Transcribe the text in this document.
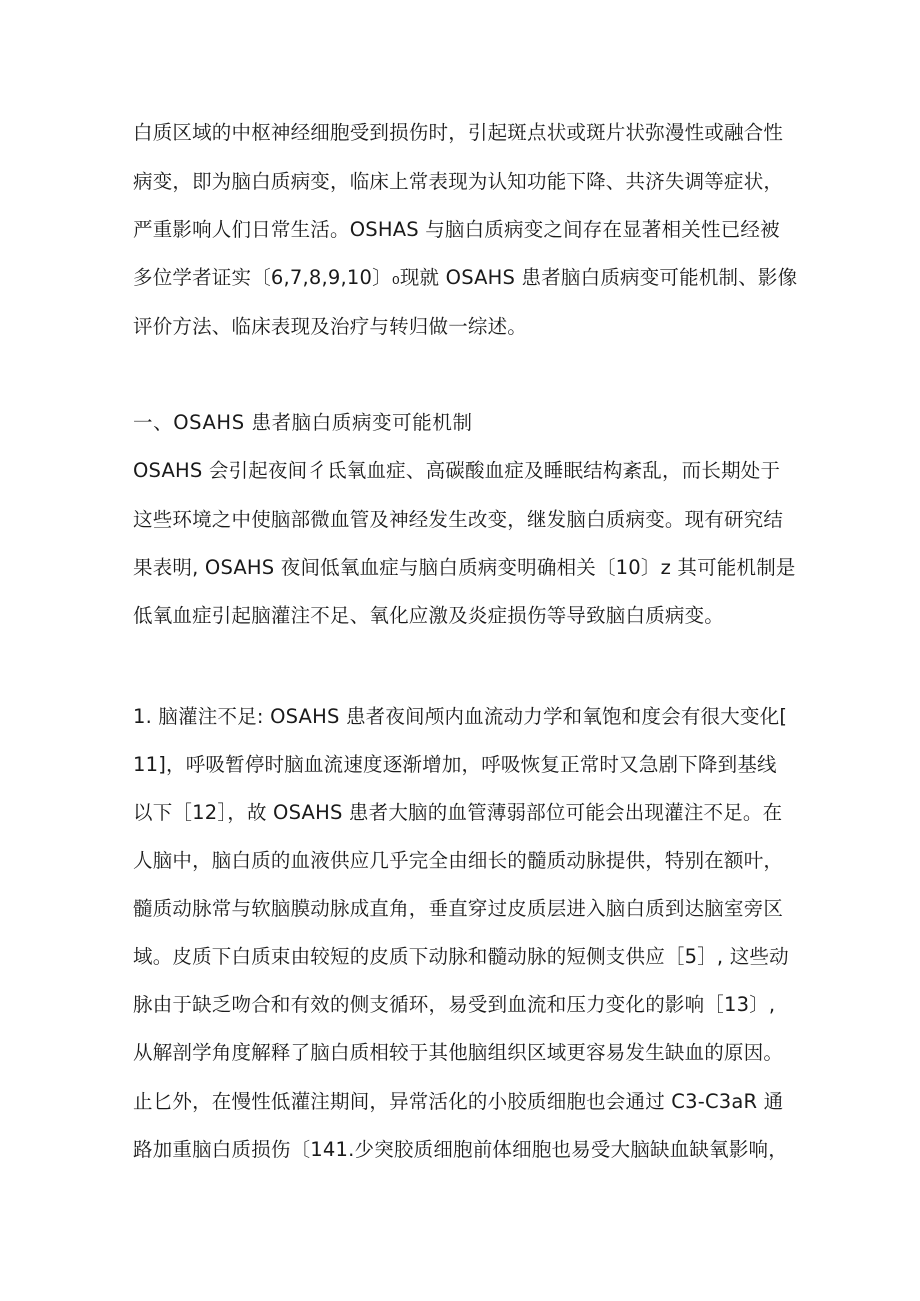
白质区域的中枢神经细胞受到损伤时，引起斑点状或斑片状弥漫性或融合性
病变，即为脑白质病变，临床上常表现为认知功能下降、共济失调等症状，
严重影响人们日常生活。OSHAS 与脑白质病变之间存在显著相关性已经被
多位学者证实〔6,7,8,9,10〕₀现就 OSAHS 患者脑白质病变可能机制、影像
评价方法、临床表现及治疗与转归做一综述。
一、OSAHS 患者脑白质病变可能机制
OSAHS 会引起夜间彳氐氧血症、高碳酸血症及睡眠结构紊乱，而长期处于
这些环境之中使脑部微血管及神经发生改变，继发脑白质病变。现有研究结
果表明, OSAHS 夜间低氧血症与脑白质病变明确相关〔10〕z 其可能机制是
低氧血症引起脑灌注不足、氧化应激及炎症损伤等导致脑白质病变。
1. 脑灌注不足: OSAHS 患者夜间颅内血流动力学和氧饱和度会有很大变化[
11]，呼吸暂停时脑血流速度逐渐增加，呼吸恢复正常时又急剧下降到基线
以下［12］，故 OSAHS 患者大脑的血管薄弱部位可能会出现灌注不足。在
人脑中，脑白质的血液供应几乎完全由细长的髓质动脉提供，特别在额叶，
髓质动脉常与软脑膜动脉成直角，垂直穿过皮质层进入脑白质到达脑室旁区
域。皮质下白质束由较短的皮质下动脉和髓动脉的短侧支供应［5］, 这些动
脉由于缺乏吻合和有效的侧支循环，易受到血流和压力变化的影响［13〕,
从解剖学角度解释了脑白质相较于其他脑组织区域更容易发生缺血的原因。
止匕外，在慢性低灌注期间，异常活化的小胶质细胞也会通过 C3-C3aR 通
路加重脑白质损伤〔141.少突胶质细胞前体细胞也易受大脑缺血缺氧影响，
